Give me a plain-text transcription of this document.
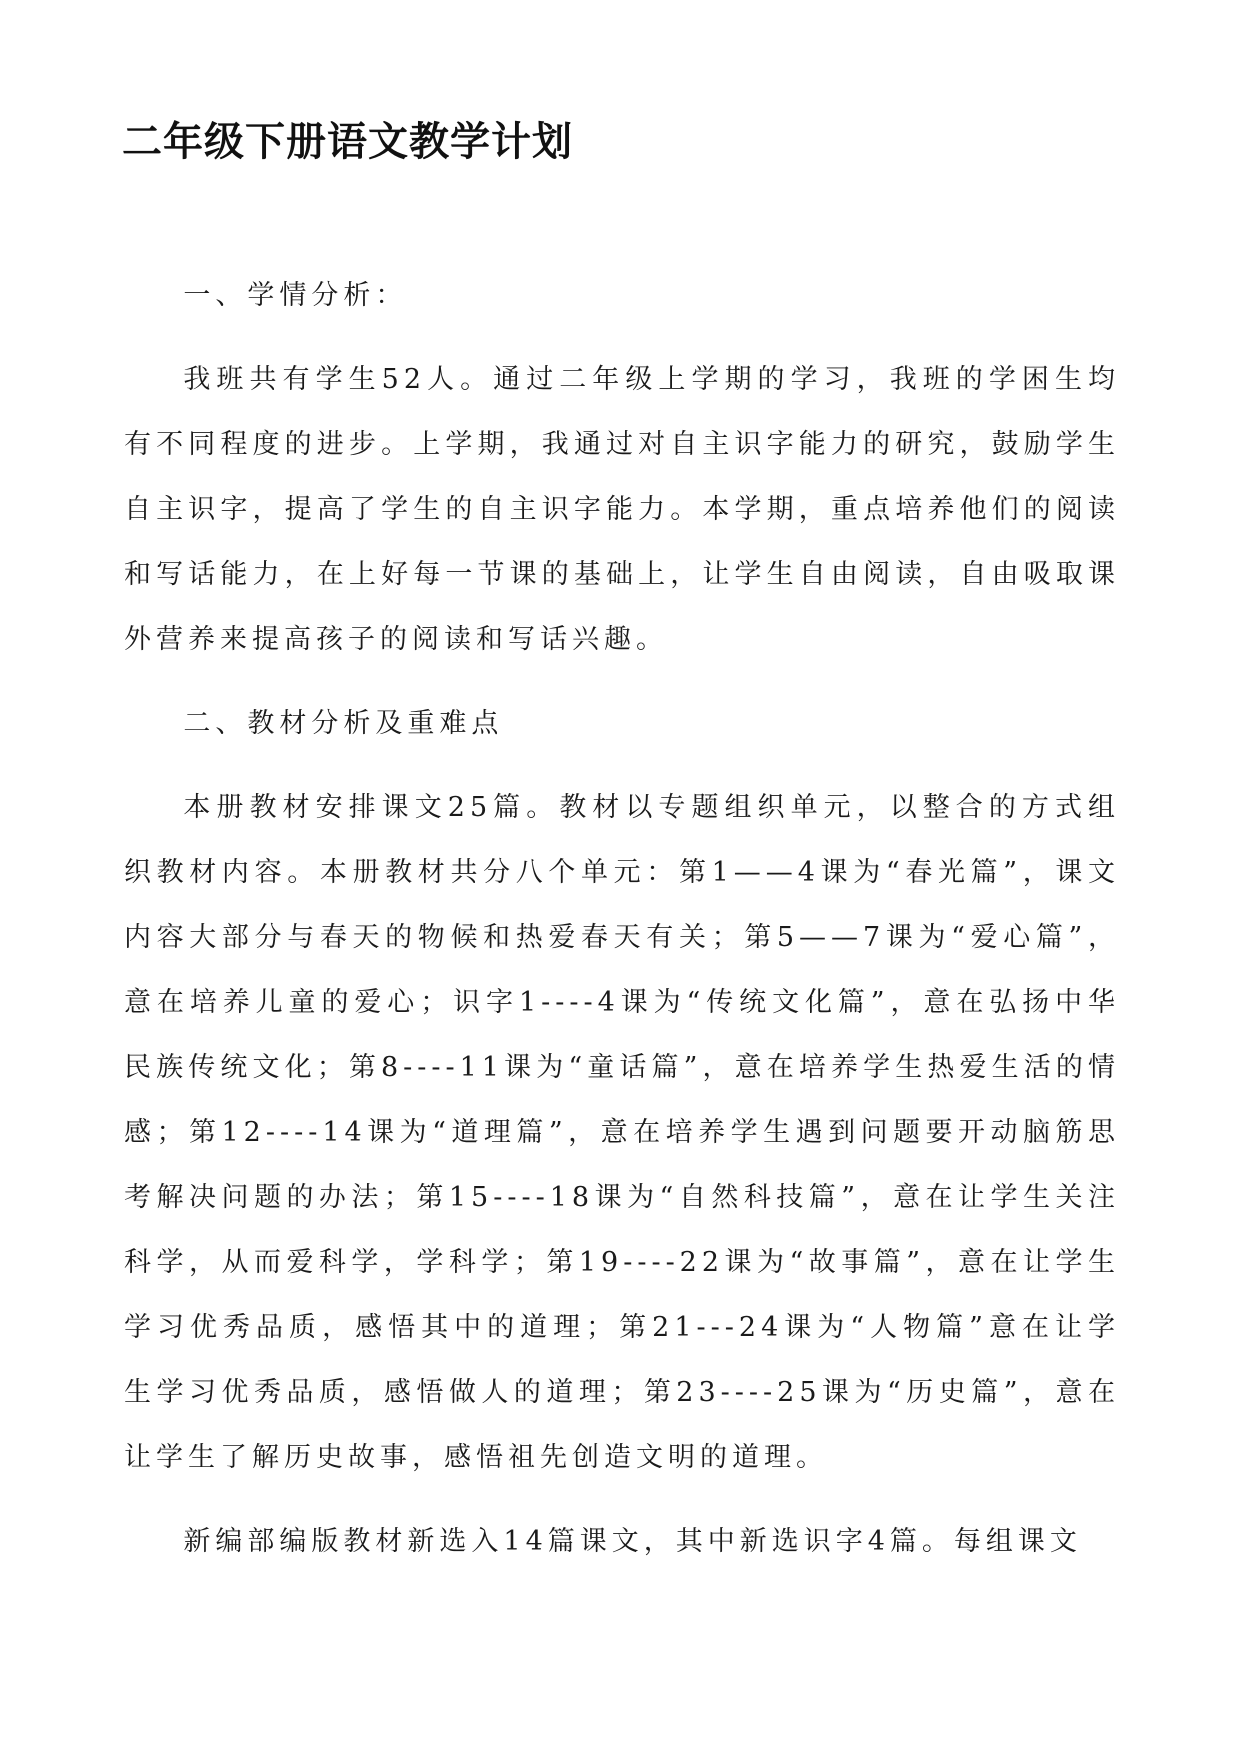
二年级下册语文教学计划

一、学情分析：

我班共有学生52人。通过二年级上学期的学习，我班的学困生均有不同程度的进步。上学期，我通过对自主识字能力的研究，鼓励学生自主识字，提高了学生的自主识字能力。本学期，重点培养他们的阅读和写话能力，在上好每一节课的基础上，让学生自由阅读，自由吸取课外营养来提高孩子的阅读和写话兴趣。

二、教材分析及重难点

本册教材安排课文25篇。教材以专题组织单元，以整合的方式组织教材内容。本册教材共分八个单元：第1——4课为“春光篇”，课文内容大部分与春天的物候和热爱春天有关；第5——7课为“爱心篇”，意在培养儿童的爱心；识字1----4课为“传统文化篇”，意在弘扬中华民族传统文化；第8----11课为“童话篇”，意在培养学生热爱生活的情感；第12----14课为“道理篇”，意在培养学生遇到问题要开动脑筋思考解决问题的办法；第15----18课为“自然科技篇”，意在让学生关注科学，从而爱科学，学科学；第19----22课为“故事篇”，意在让学生学习优秀品质，感悟其中的道理；第21---24课为“人物篇”意在让学生学习优秀品质，感悟做人的道理；第23----25课为“历史篇”，意在让学生了解历史故事，感悟祖先创造文明的道理。

新编部编版教材新选入14篇课文，其中新选识字4篇。每组课文
